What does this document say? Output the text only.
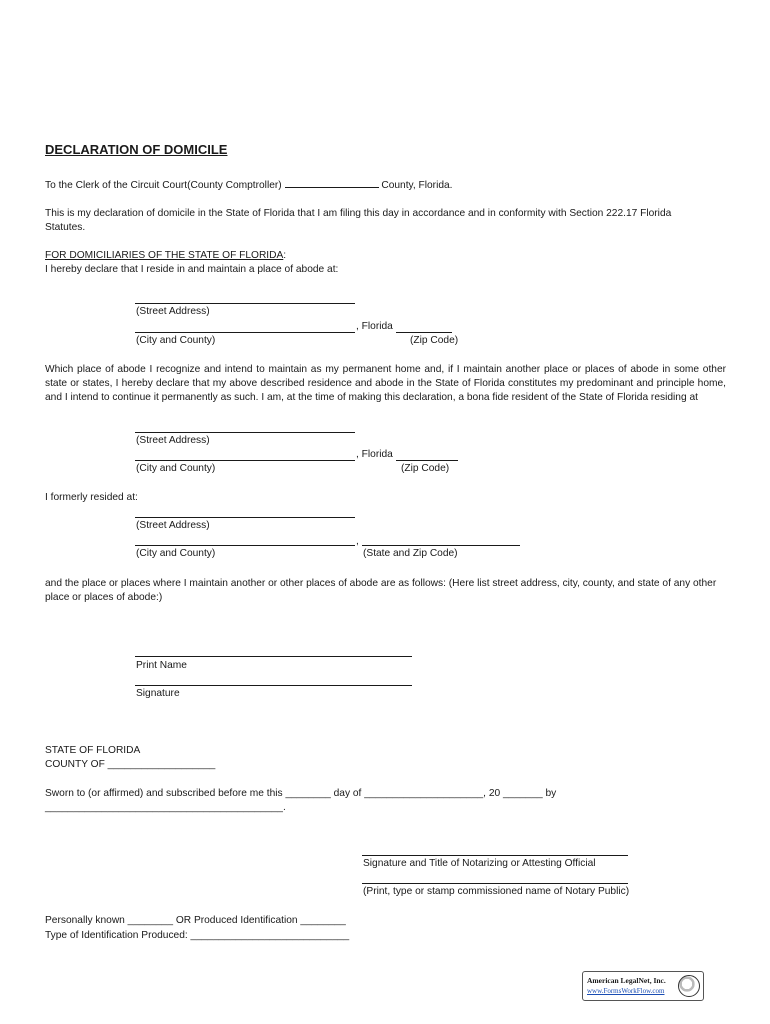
DECLARATION OF DOMICILE
To the Clerk of the Circuit Court(County Comptroller)	County, Florida.
This is my declaration of domicile in the State of Florida that I am filing this day in accordance and in conformity with Section 222.17 Florida Statutes.
FOR DOMICILIARIES OF THE STATE OF FLORIDA:
I hereby declare that I reside in and maintain a place of abode at:
(Street Address)
, Florida
(City and County)	(Zip Code)
Which place of abode I recognize and intend to maintain as my permanent home and, if I maintain another place or places of abode in some other state or states, I hereby declare that my above described residence and abode in the State of Florida constitutes my predominant and principle home, and I intend to continue it permanently as such. I am, at the time of making this declaration, a bona fide resident of the State of Florida residing at
(Street Address)
, Florida
(City and County)	(Zip Code)
I formerly resided at:
(Street Address)
,
(City and County)	(State and Zip Code)
and the place or places where I maintain another or other places of abode are as follows: (Here list street address, city, county, and state of any other place or places of abode:)
Print Name
Signature
STATE OF FLORIDA
COUNTY OF ___________________
Sworn to (or affirmed) and subscribed before me this ________ day of _____________________, 20 _______ by
__________________________________________.
Signature and Title of Notarizing or Attesting Official
(Print, type or stamp commissioned name of Notary Public)
Personally known ________ OR Produced Identification ________
Type of Identification Produced: ____________________________
American LegalNet, Inc.
www.FormsWorkFlow.com
